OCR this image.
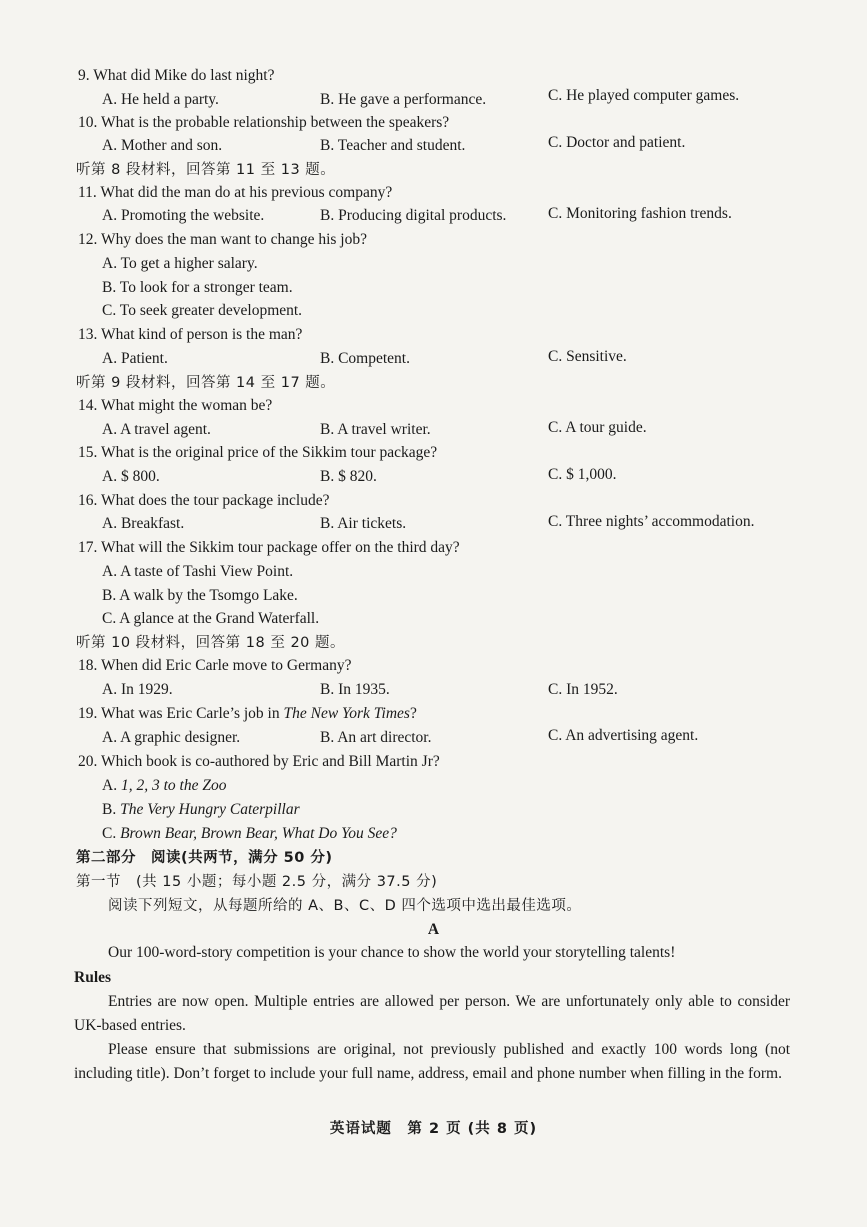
9. What did Mike do last night?
A. He held a party.	B. He gave a performance.	C. He played computer games.
10. What is the probable relationship between the speakers?
A. Mother and son.	B. Teacher and student.	C. Doctor and patient.
听第 8 段材料，回答第 11 至 13 题。
11. What did the man do at his previous company?
A. Promoting the website.	B. Producing digital products.	C. Monitoring fashion trends.
12. Why does the man want to change his job?
A. To get a higher salary.
B. To look for a stronger team.
C. To seek greater development.
13. What kind of person is the man?
A. Patient.	B. Competent.	C. Sensitive.
听第 9 段材料，回答第 14 至 17 题。
14. What might the woman be?
A. A travel agent.	B. A travel writer.	C. A tour guide.
15. What is the original price of the Sikkim tour package?
A. $ 800.	B. $ 820.	C. $ 1,000.
16. What does the tour package include?
A. Breakfast.	B. Air tickets.	C. Three nights’ accommodation.
17. What will the Sikkim tour package offer on the third day?
A. A taste of Tashi View Point.
B. A walk by the Tsomgo Lake.
C. A glance at the Grand Waterfall.
听第 10 段材料，回答第 18 至 20 题。
18. When did Eric Carle move to Germany?
A. In 1929.	B. In 1935.	C. In 1952.
19. What was Eric Carle’s job in The New York Times?
A. A graphic designer.	B. An art director.	C. An advertising agent.
20. Which book is co-authored by Eric and Bill Martin Jr?
A. 1, 2, 3 to the Zoo
B. The Very Hungry Caterpillar
C. Brown Bear, Brown Bear, What Do You See?
第二部分　阅读(共两节，满分 50 分)
第一节　(共 15 小题；每小题 2.5 分，满分 37.5 分)
阅读下列短文，从每题所给的 A、B、C、D 四个选项中选出最佳选项。
A

Our 100-word-story competition is your chance to show the world your storytelling talents!

Rules

Entries are now open. Multiple entries are allowed per person. We are unfortunately only able to consider UK-based entries.

Please ensure that submissions are original, not previously published and exactly 100 words long (not including title). Don’t forget to include your full name, address, email and phone number when filling in the form.

英语试题　第 2 页 (共 8 页)
